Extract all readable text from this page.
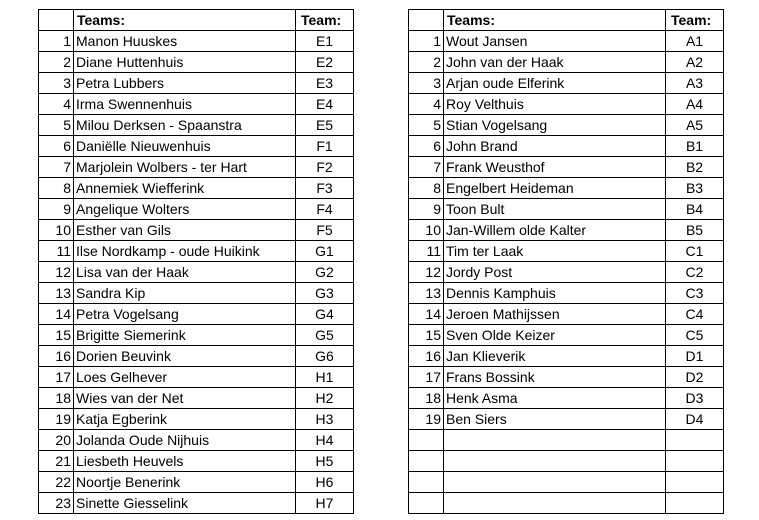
	Teams:	Team:
1	Manon Huuskes	E1
2	Diane Huttenhuis	E2
3	Petra Lubbers	E3
4	Irma Swennenhuis	E4
5	Milou Derksen - Spaanstra	E5
6	Daniëlle Nieuwenhuis	F1
7	Marjolein Wolbers - ter Hart	F2
8	Annemiek Wiefferink	F3
9	Angelique Wolters	F4
10	Esther van Gils	F5
11	Ilse Nordkamp - oude Huikink	G1
12	Lisa van der Haak	G2
13	Sandra Kip	G3
14	Petra Vogelsang	G4
15	Brigitte Siemerink	G5
16	Dorien Beuvink	G6
17	Loes Gelhever	H1
18	Wies van der Net	H2
19	Katja Egberink	H3
20	Jolanda Oude Nijhuis	H4
21	Liesbeth Heuvels	H5
22	Noortje Benerink	H6
23	Sinette Giesselink	H7
	Teams:	Team:
1	Wout Jansen	A1
2	John van der Haak	A2
3	Arjan oude Elferink	A3
4	Roy Velthuis	A4
5	Stian Vogelsang	A5
6	John Brand	B1
7	Frank Weusthof	B2
8	Engelbert Heideman	B3
9	Toon Bult	B4
10	Jan-Willem olde Kalter	B5
11	Tim ter Laak	C1
12	Jordy Post	C2
13	Dennis Kamphuis	C3
14	Jeroen Mathijssen	C4
15	Sven Olde Keizer	C5
16	Jan Klieverik	D1
17	Frans Bossink	D2
18	Henk Asma	D3
19	Ben Siers	D4
